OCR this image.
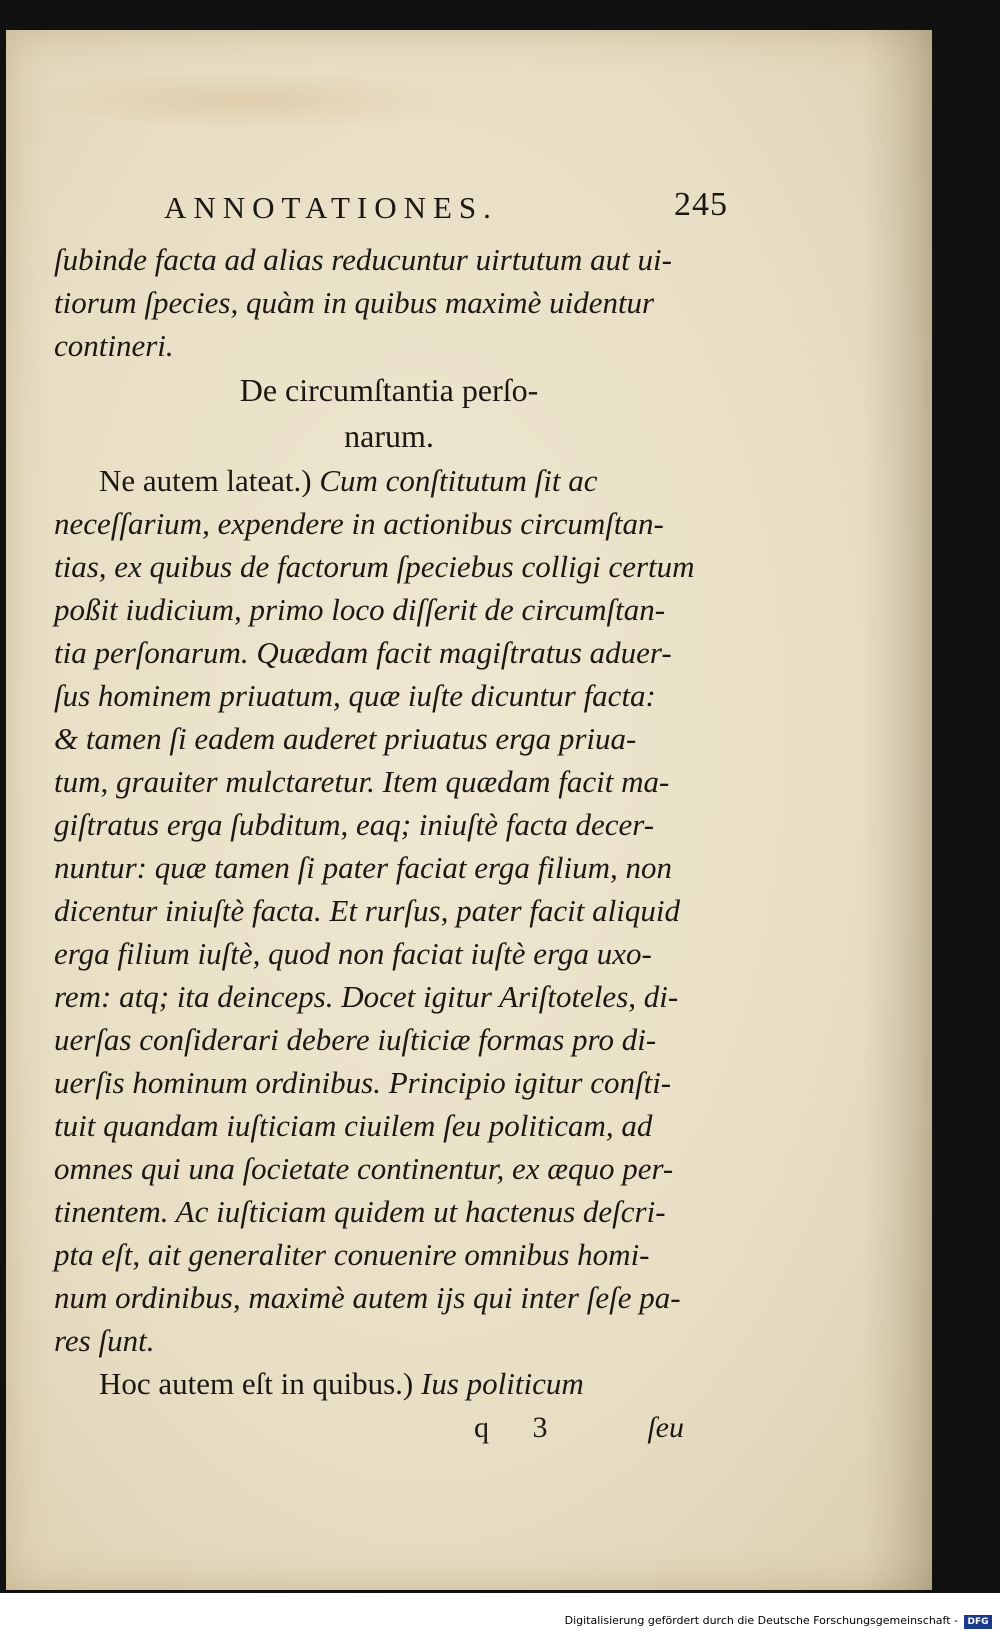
ANNOTATIONES.	245
ſubinde facta ad alias reducuntur uirtutum aut ui-
tiorum ſpecies, quàm in quibus maximè uidentur
contineri.
De circumſtantia perſo-
narum.
Ne autem lateat.) Cum conſtitutum ſit ac
neceſſarium, expendere in actionibus circumſtan-
tias, ex quibus de factorum ſpeciebus colligi certum
poßit iudicium, primo loco diſſerit de circumſtan-
tia perſonarum. Quædam facit magiſtratus aduer-
ſus hominem priuatum, quæ iuſte dicuntur facta:
& tamen ſi eadem auderet priuatus erga priua-
tum, grauiter mulctaretur. Item quædam facit ma-
giſtratus erga ſubditum, eaq; iniuſtè facta decer-
nuntur: quæ tamen ſi pater faciat erga filium, non
dicentur iniuſtè facta. Et rurſus, pater facit aliquid
erga filium iuſtè, quod non faciat iuſtè erga uxo-
rem: atq; ita deinceps. Docet igitur Ariſtoteles, di-
uerſas conſiderari debere iuſticiæ formas pro di-
uerſis hominum ordinibus. Principio igitur conſti-
tuit quandam iuſticiam ciuilem ſeu politicam, ad
omnes qui una ſocietate continentur, ex æquo per-
tinentem. Ac iuſticiam quidem ut hactenus deſcri-
pta eſt, ait generaliter conuenire omnibus homi-
num ordinibus, maximè autem ijs qui inter ſeſe pa-
res ſunt.
Hoc autem eſt in quibus.) Ius politicum
q 3	ſeu
Digitalisierung gefördert durch die Deutsche Forschungsgemeinschaft -	DFG
